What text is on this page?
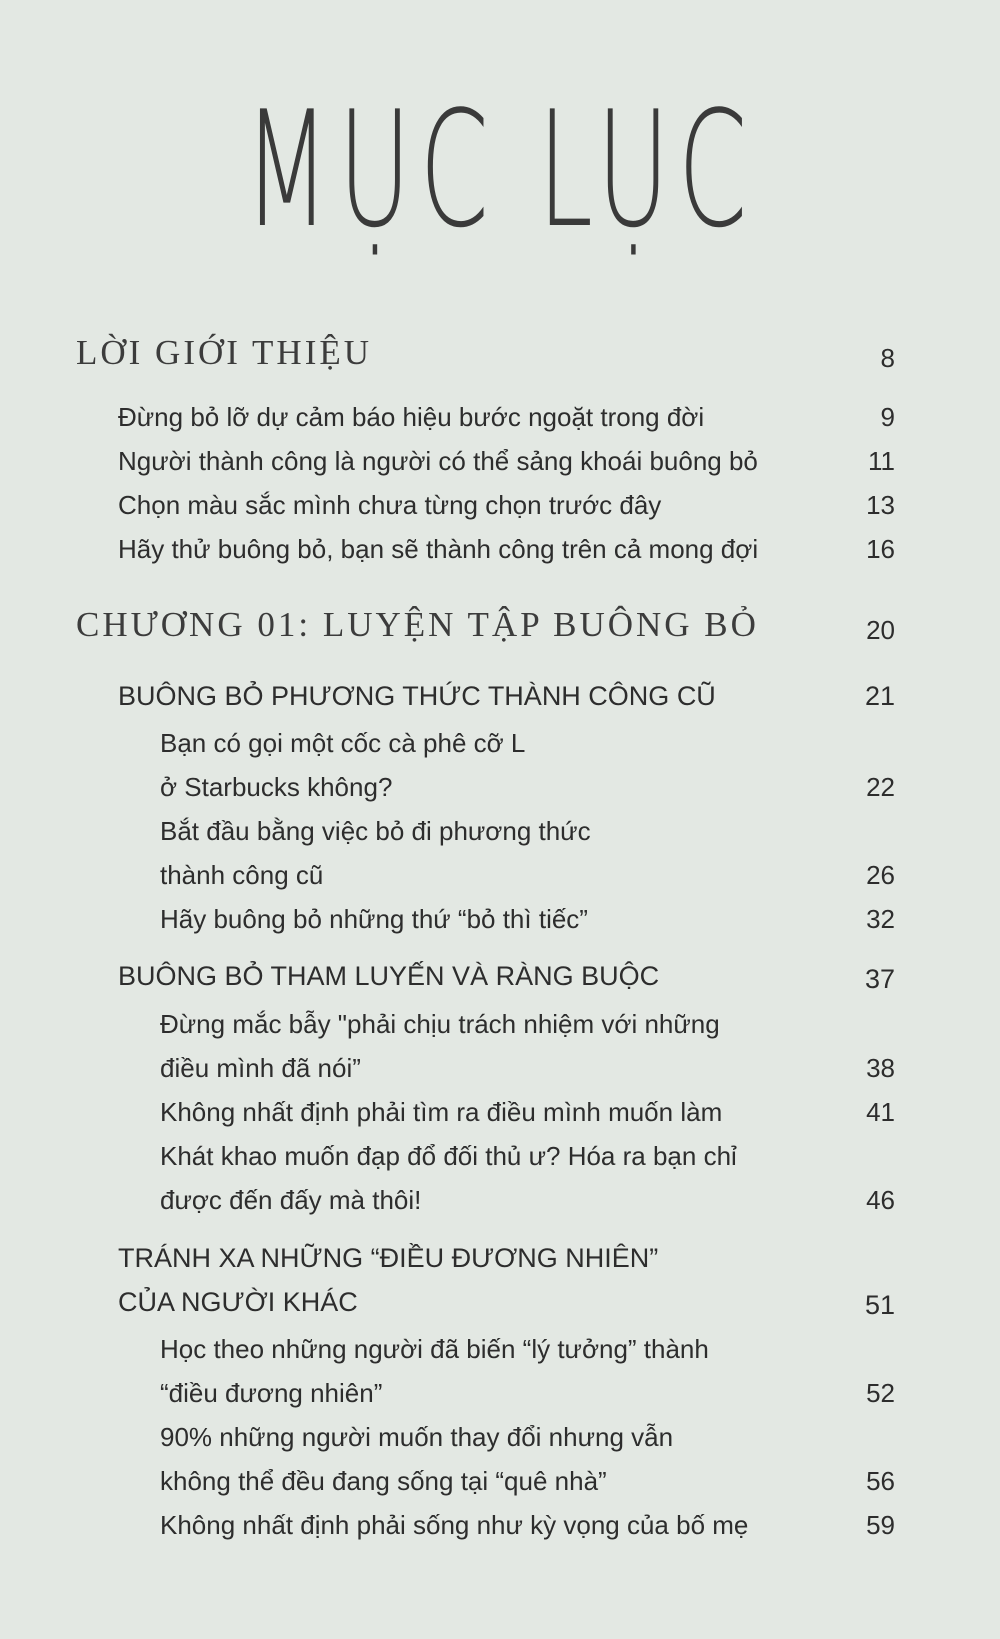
MỤC LỤC
LỜI GIỚI THIỆU	8
Đừng bỏ lỡ dự cảm báo hiệu bước ngoặt trong đời	9
Người thành công là người có thể sảng khoái buông bỏ	11
Chọn màu sắc mình chưa từng chọn trước đây	13
Hãy thử buông bỏ, bạn sẽ thành công trên cả mong đợi	16
CHƯƠNG 01: LUYỆN TẬP BUÔNG BỎ	20
BUÔNG BỎ PHƯƠNG THỨC THÀNH CÔNG CŨ	21
Bạn có gọi một cốc cà phê cỡ L
ở Starbucks không?	22
Bắt đầu bằng việc bỏ đi phương thức
thành công cũ	26
Hãy buông bỏ những thứ “bỏ thì tiếc”	32
BUÔNG BỎ THAM LUYẾN VÀ RÀNG BUỘC	37
Đừng mắc bẫy "phải chịu trách nhiệm với những
điều mình đã nói”	38
Không nhất định phải tìm ra điều mình muốn làm	41
Khát khao muốn đạp đổ đối thủ ư? Hóa ra bạn chỉ
được đến đấy mà thôi!	46
TRÁNH XA NHỮNG “ĐIỀU ĐƯƠNG NHIÊN”
CỦA NGƯỜI KHÁC	51
Học theo những người đã biến “lý tưởng” thành
“điều đương nhiên”	52
90% những người muốn thay đổi nhưng vẫn
không thể đều đang sống tại “quê nhà”	56
Không nhất định phải sống như kỳ vọng của bố mẹ	59
